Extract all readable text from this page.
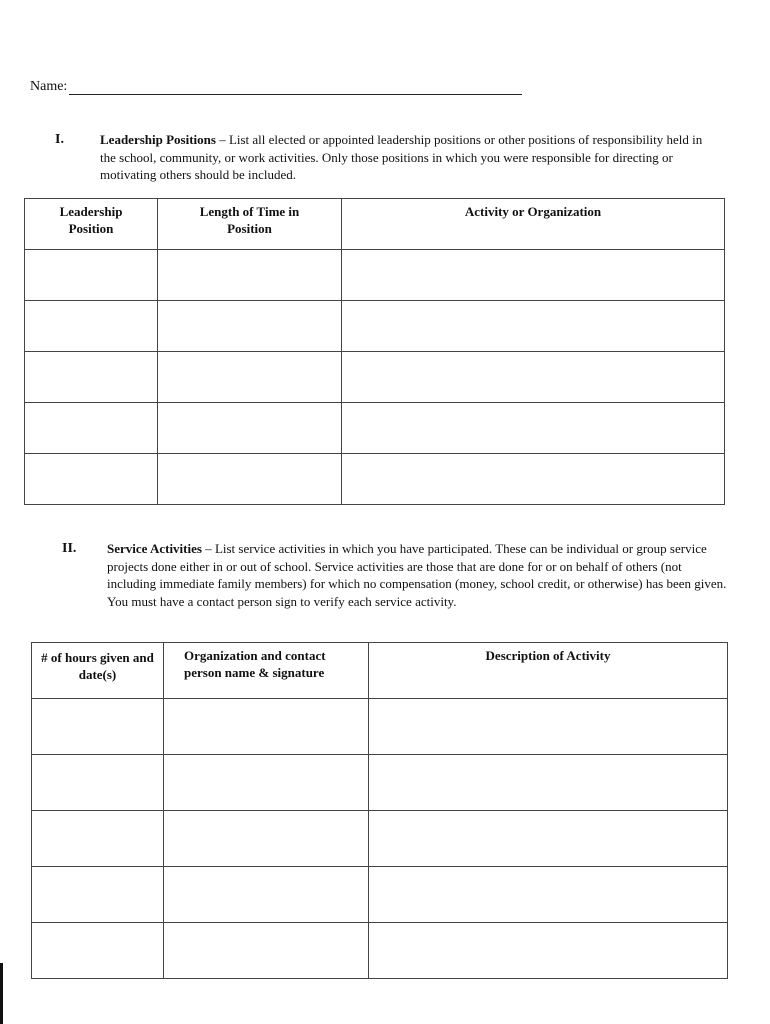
Name:
I.	Leadership Positions – List all elected or appointed leadership positions or other positions of responsibility held in the school, community, or work activities. Only those positions in which you were responsible for directing or motivating others should be included.
Leadership Position	Length of Time in Position	Activity or Organization

II. Service Activities – List service activities in which you have participated. These can be individual or group service projects done either in or out of school. Service activities are those that are done for or on behalf of others (not including immediate family members) for which no compensation (money, school credit, or otherwise) has been given. You must have a contact person sign to verify each service activity.
# of hours given and date(s)	Organization and contact person name & signature	Description of Activity
